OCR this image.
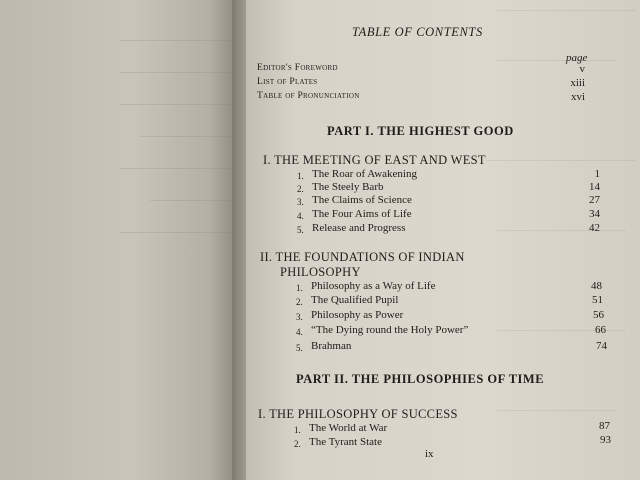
TABLE OF CONTENTS
page
Editor's Foreword	v
List of Plates	xiii
Table of Pronunciation	xvi
PART I. THE HIGHEST GOOD
I. THE MEETING OF EAST AND WEST
1. The Roar of Awakening	1
2. The Steely Barb	14
3. The Claims of Science	27
4. The Four Aims of Life	34
5. Release and Progress	42
II. THE FOUNDATIONS OF INDIAN
PHILOSOPHY
1. Philosophy as a Way of Life	48
2. The Qualified Pupil	51
3. Philosophy as Power	56
4. “The Dying round the Holy Power”	66
5. Brahman	74
PART II. THE PHILOSOPHIES OF TIME
I. THE PHILOSOPHY OF SUCCESS
1. The World at War	87
2. The Tyrant State	93
ix
